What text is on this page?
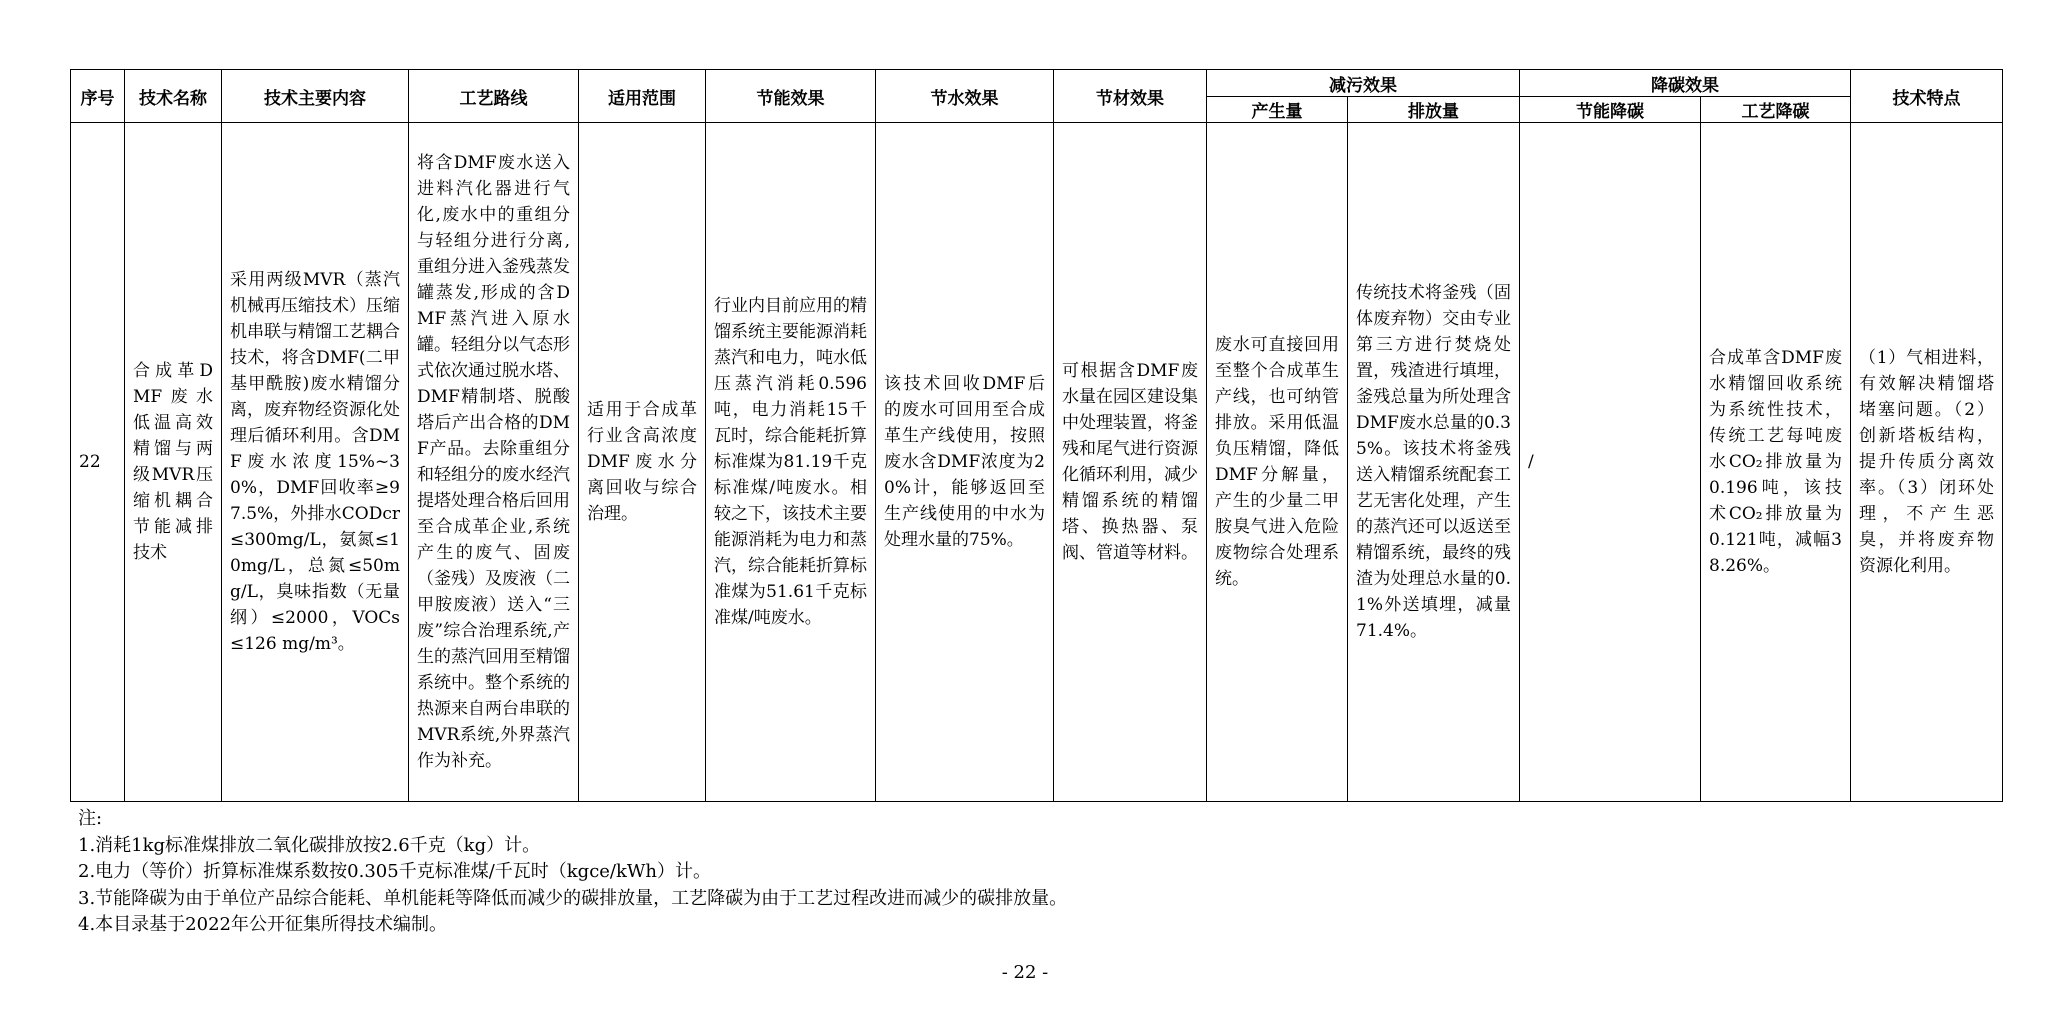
序号	技术名称	技术主要内容	工艺路线	适用范围	节能效果	节水效果	节材效果	减污效果		降碳效果		技术特点
								产生量	排放量	节能降碳	工艺降碳	

22	合成革DMF废水低温高效精馏与两级MVR压缩机耦合节能减排技术	采用两级MVR（蒸汽机械再压缩技术）压缩机串联与精馏工艺耦合技术，将含DMF(二甲基甲酰胺)废水精馏分离，废弃物经资源化处理后循环利用。含DMF废水浓度15%~30%，DMF回收率≥97.5%，外排水CODcr≤300mg/L，氨氮≤10mg/L，总氮≤50mg/L，臭味指数（无量纲）≤2000，VOCs≤126 mg/m³。	将含DMF废水送入进料汽化器进行气化,废水中的重组分与轻组分进行分离,重组分进入釜残蒸发罐蒸发,形成的含DMF蒸汽进入原水罐。轻组分以气态形式依次通过脱水塔、DMF精制塔、脱酸塔后产出合格的DMF产品。去除重组分和轻组分的废水经汽提塔处理合格后回用至合成革企业,系统产生的废气、固废（釜残）及废液（二甲胺废液）送入“三废”综合治理系统,产生的蒸汽回用至精馏系统中。整个系统的热源来自两台串联的MVR系统,外界蒸汽作为补充。	适用于合成革行业含高浓度DMF废水分离回收与综合治理。	行业内目前应用的精馏系统主要能源消耗蒸汽和电力，吨水低压蒸汽消耗0.596吨，电力消耗15千瓦时，综合能耗折算标准煤为81.19千克标准煤/吨废水。相较之下，该技术主要能源消耗为电力和蒸汽，综合能耗折算标准煤为51.61千克标准煤/吨废水。	该技术回收DMF后的废水可回用至合成革生产线使用，按照废水含DMF浓度为20%计，能够返回至生产线使用的中水为处理水量的75%。	可根据含DMF废水量在园区建设集中处理装置，将釜残和尾气进行资源化循环利用，减少精馏系统的精馏塔、换热器、泵阀、管道等材料。	废水可直接回用至整个合成革生产线，也可纳管排放。采用低温负压精馏，降低DMF分解量，产生的少量二甲胺臭气进入危险废物综合处理系统。	传统技术将釜残（固体废弃物）交由专业第三方进行焚烧处置，残渣进行填埋，釜残总量为所处理含DMF废水总量的0.35%。该技术将釜残送入精馏系统配套工艺无害化处理，产生的蒸汽还可以返送至精馏系统，最终的残渣为处理总水量的0.1%外送填埋，减量71.4%。	/	合成革含DMF废水精馏回收系统为系统性技术，传统工艺每吨废水CO₂排放量为0.196吨，该技术CO₂排放量为0.121吨，减幅38.26%。	（1）气相进料，有效解决精馏塔堵塞问题。（2）创新塔板结构，提升传质分离效率。（3）闭环处理，不产生恶臭，并将废弃物资源化利用。
注:
1.消耗1kg标准煤排放二氧化碳排放按2.6千克（kg）计。
2.电力（等价）折算标准煤系数按0.305千克标准煤/千瓦时（kgce/kWh）计。
3.节能降碳为由于单位产品综合能耗、单机能耗等降低而减少的碳排放量，工艺降碳为由于工艺过程改进而减少的碳排放量。
4.本目录基于2022年公开征集所得技术编制。
- 22 -
